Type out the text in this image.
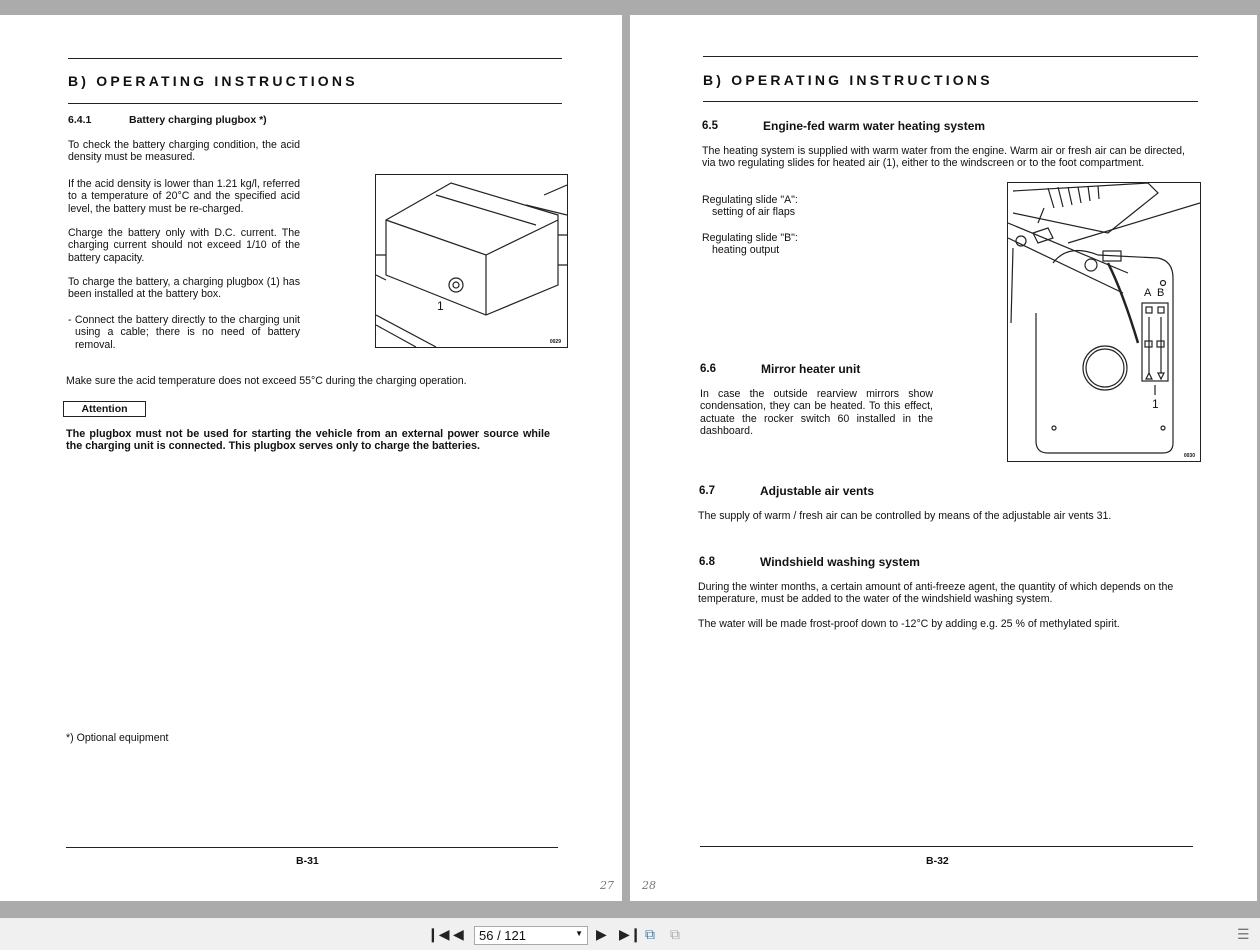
B) OPERATING INSTRUCTIONS
6.4.1	Battery charging plugbox *)
To check the battery charging condition, the acid density must be measured.
If the acid density is lower than 1.21 kg/l, referred to a temperature of 20°C and the specified acid level, the battery must be re-charged.
Charge the battery only with D.C. current. The charging current should not exceed 1/10 of the battery capacity.
To charge the battery, a charging plugbox (1) has been installed at the battery box.
- Connect the battery directly to the charging unit using a cable; there is no need of battery removal.
1
0029
Make sure the acid temperature does not exceed 55°C during the charging operation.
Attention
The plugbox must not be used for starting the vehicle from an external power source while the charging unit is connected. This plugbox serves only to charge the batteries.
*) Optional equipment
B-31
27
B) OPERATING INSTRUCTIONS
6.5	Engine-fed warm water heating system
The heating system is supplied with warm water from the engine. Warm air or fresh air can be directed, via two regulating slides for heated air (1), either to the windscreen or to the foot compartment.
Regulating slide "A":
setting of air flaps
Regulating slide "B":
heating output
A B
1
0030
6.6	Mirror heater unit
In case the outside rearview mirrors show condensation, they can be heated. To this effect, actuate the rocker switch 60 installed in the dashboard.
6.7	Adjustable air vents
The supply of warm / fresh air can be controlled by means of the adjustable air vents 31.
6.8	Windshield washing system
During the winter months, a certain amount of anti-freeze agent, the quantity of which depends on the temperature, must be added to the water of the windshield washing system.
The water will be made frost-proof down to -12°C by adding e.g. 25 % of methylated spirit.
B-32
28
❙◀ ◀	56 / 121	▼ ▶ ▶❙ ⧉ ⧉	☰
